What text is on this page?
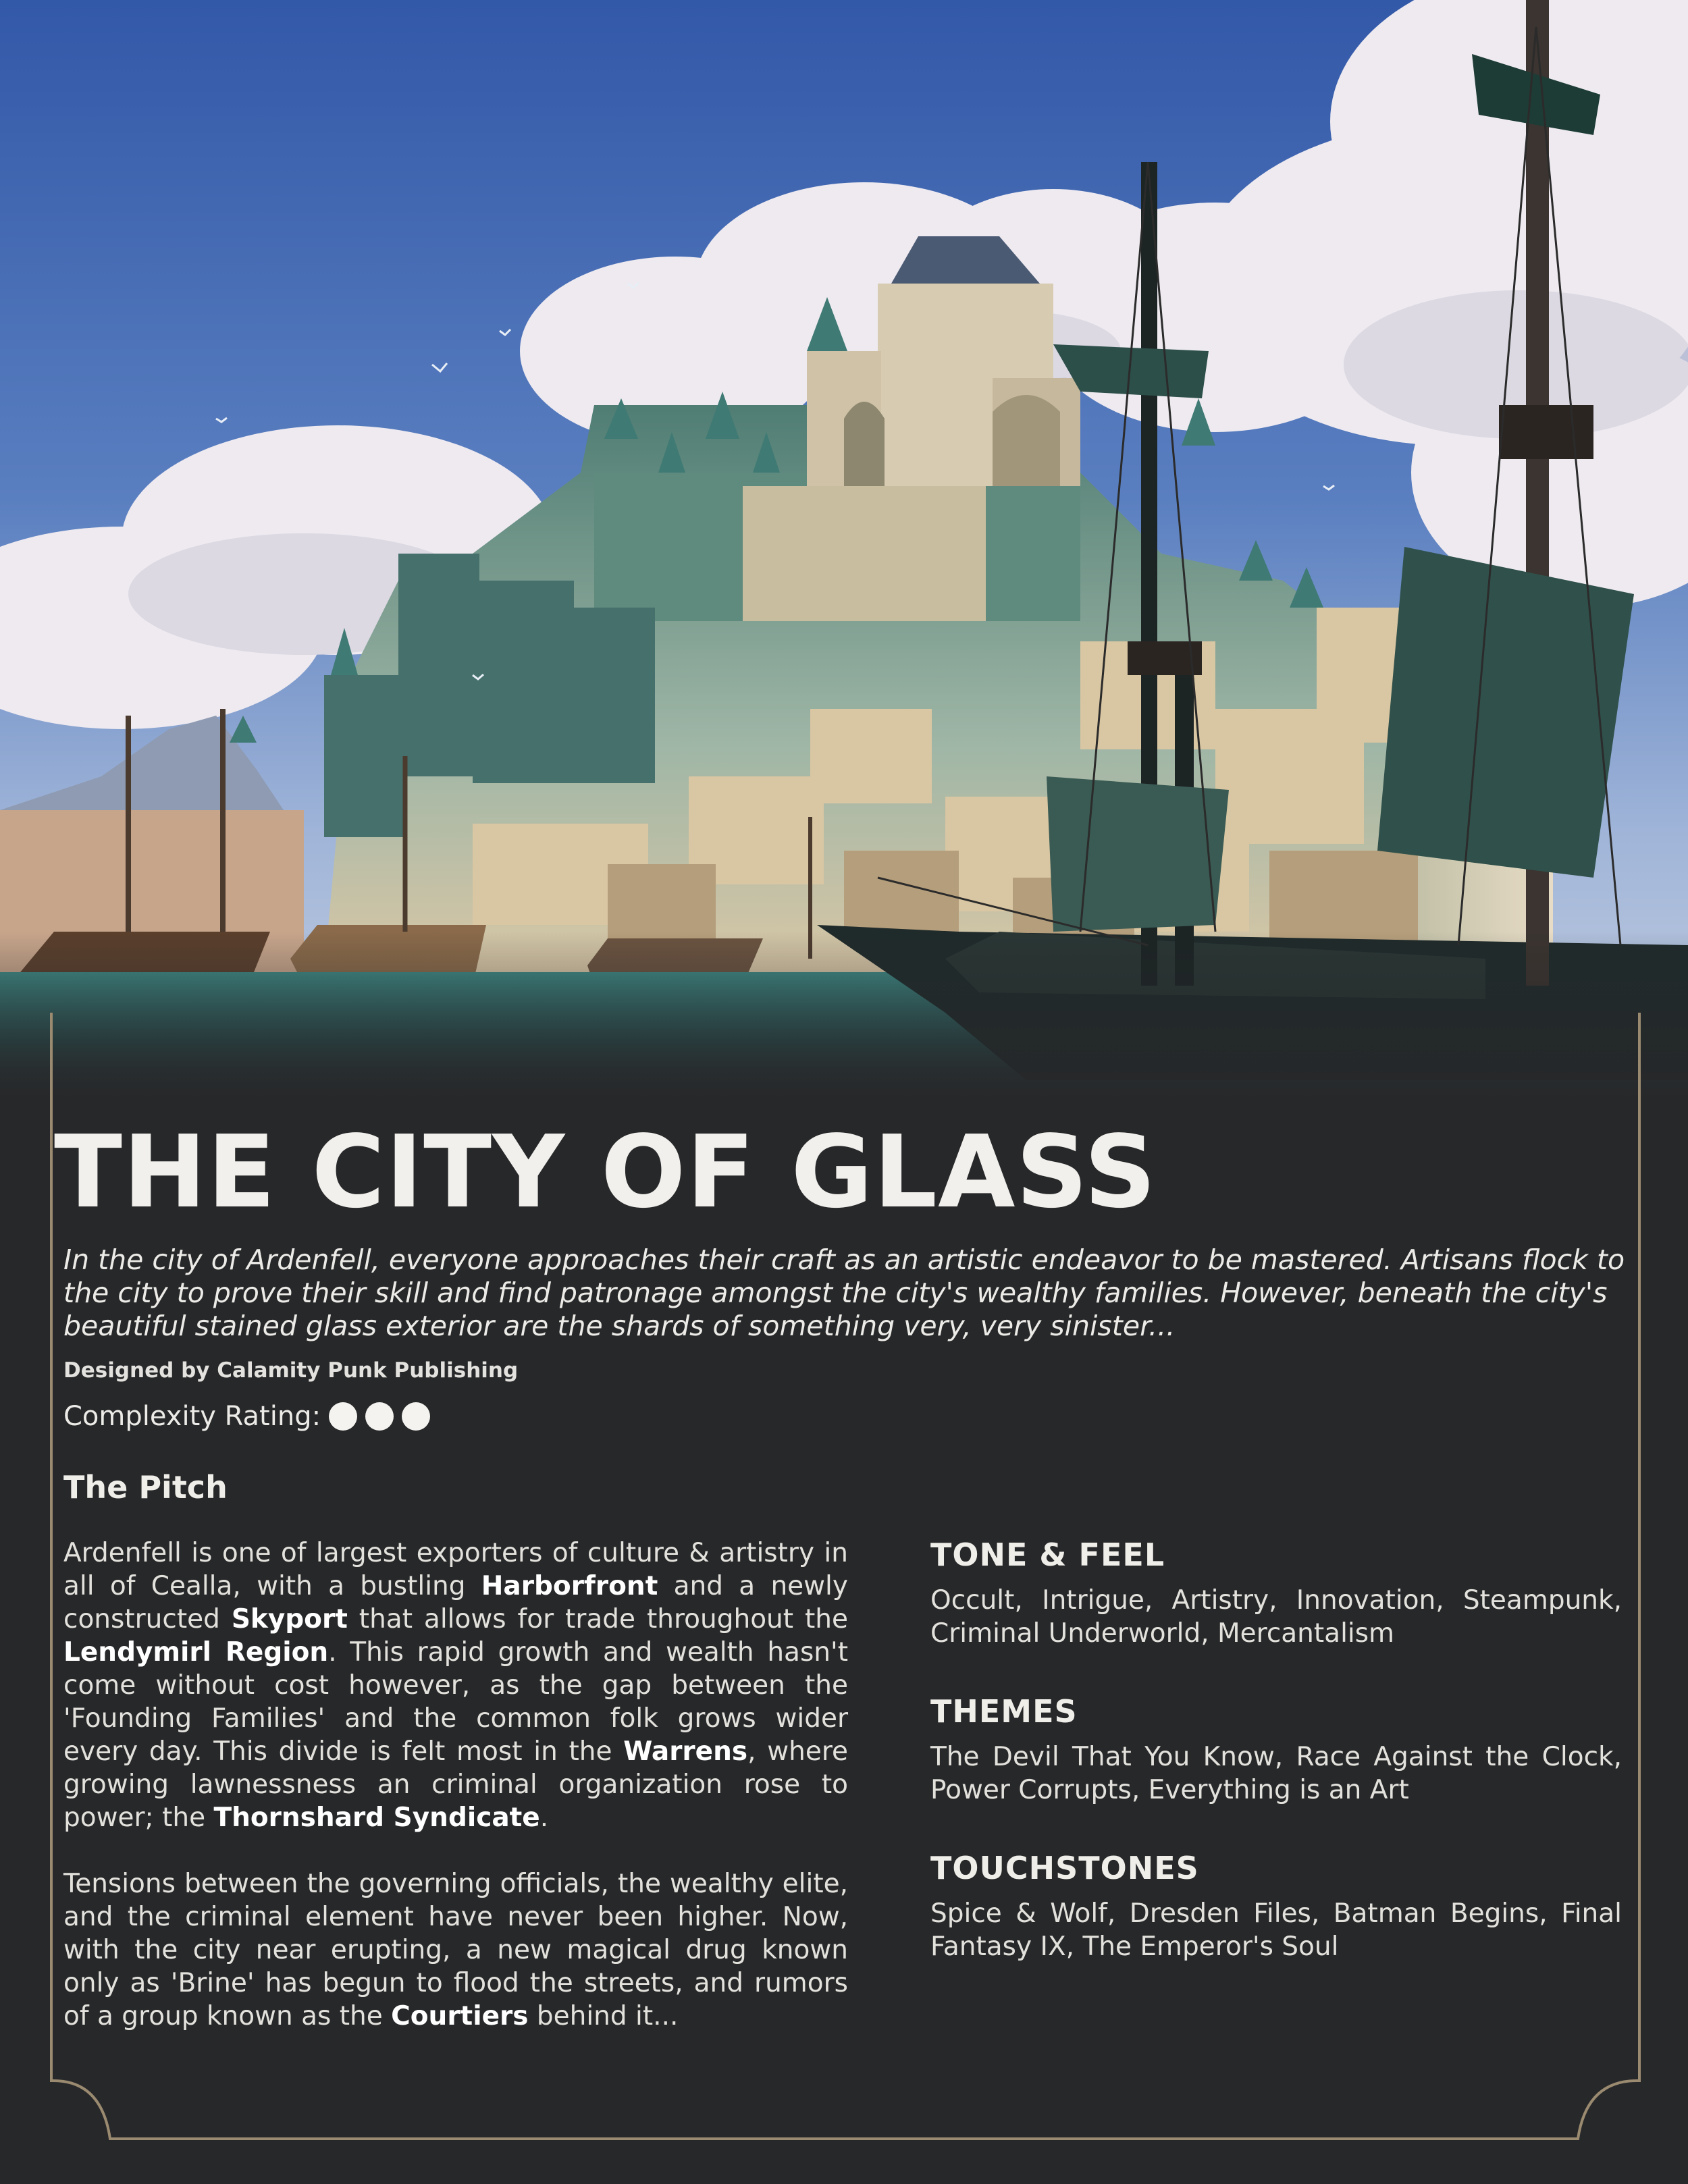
THE CITY OF GLASS

In the city of Ardenfell, everyone approaches their craft as an artistic endeavor to be mastered. Artisans flock to the city to prove their skill and find patronage amongst the city's wealthy families. However, beneath the city's beautiful stained glass exterior are the shards of something very, very sinister...

Designed by Calamity Punk Publishing

Complexity Rating:
The Pitch

Ardenfell is one of largest exporters of culture & artistry in all of Cealla, with a bustling Harborfront and a newly constructed Skyport that allows for trade throughout the Lendymirl Region. This rapid growth and wealth hasn't come without cost however, as the gap between the 'Founding Families' and the common folk grows wider every day. This divide is felt most in the Warrens, where growing lawnessness an criminal organization rose to power; the Thornshard Syndicate.

Tensions between the governing officials, the wealthy elite, and the criminal element have never been higher. Now, with the city near erupting, a new magical drug known only as 'Brine' has begun to flood the streets, and rumors of a group known as the Courtiers behind it...

TONE & FEEL

Occult, Intrigue, Artistry, Innovation, Steampunk, Criminal Underworld, Mercantalism

THEMES

The Devil That You Know, Race Against the Clock, Power Corrupts, Everything is an Art

TOUCHSTONES

Spice & Wolf, Dresden Files, Batman Begins, Final Fantasy IX, The Emperor's Soul
